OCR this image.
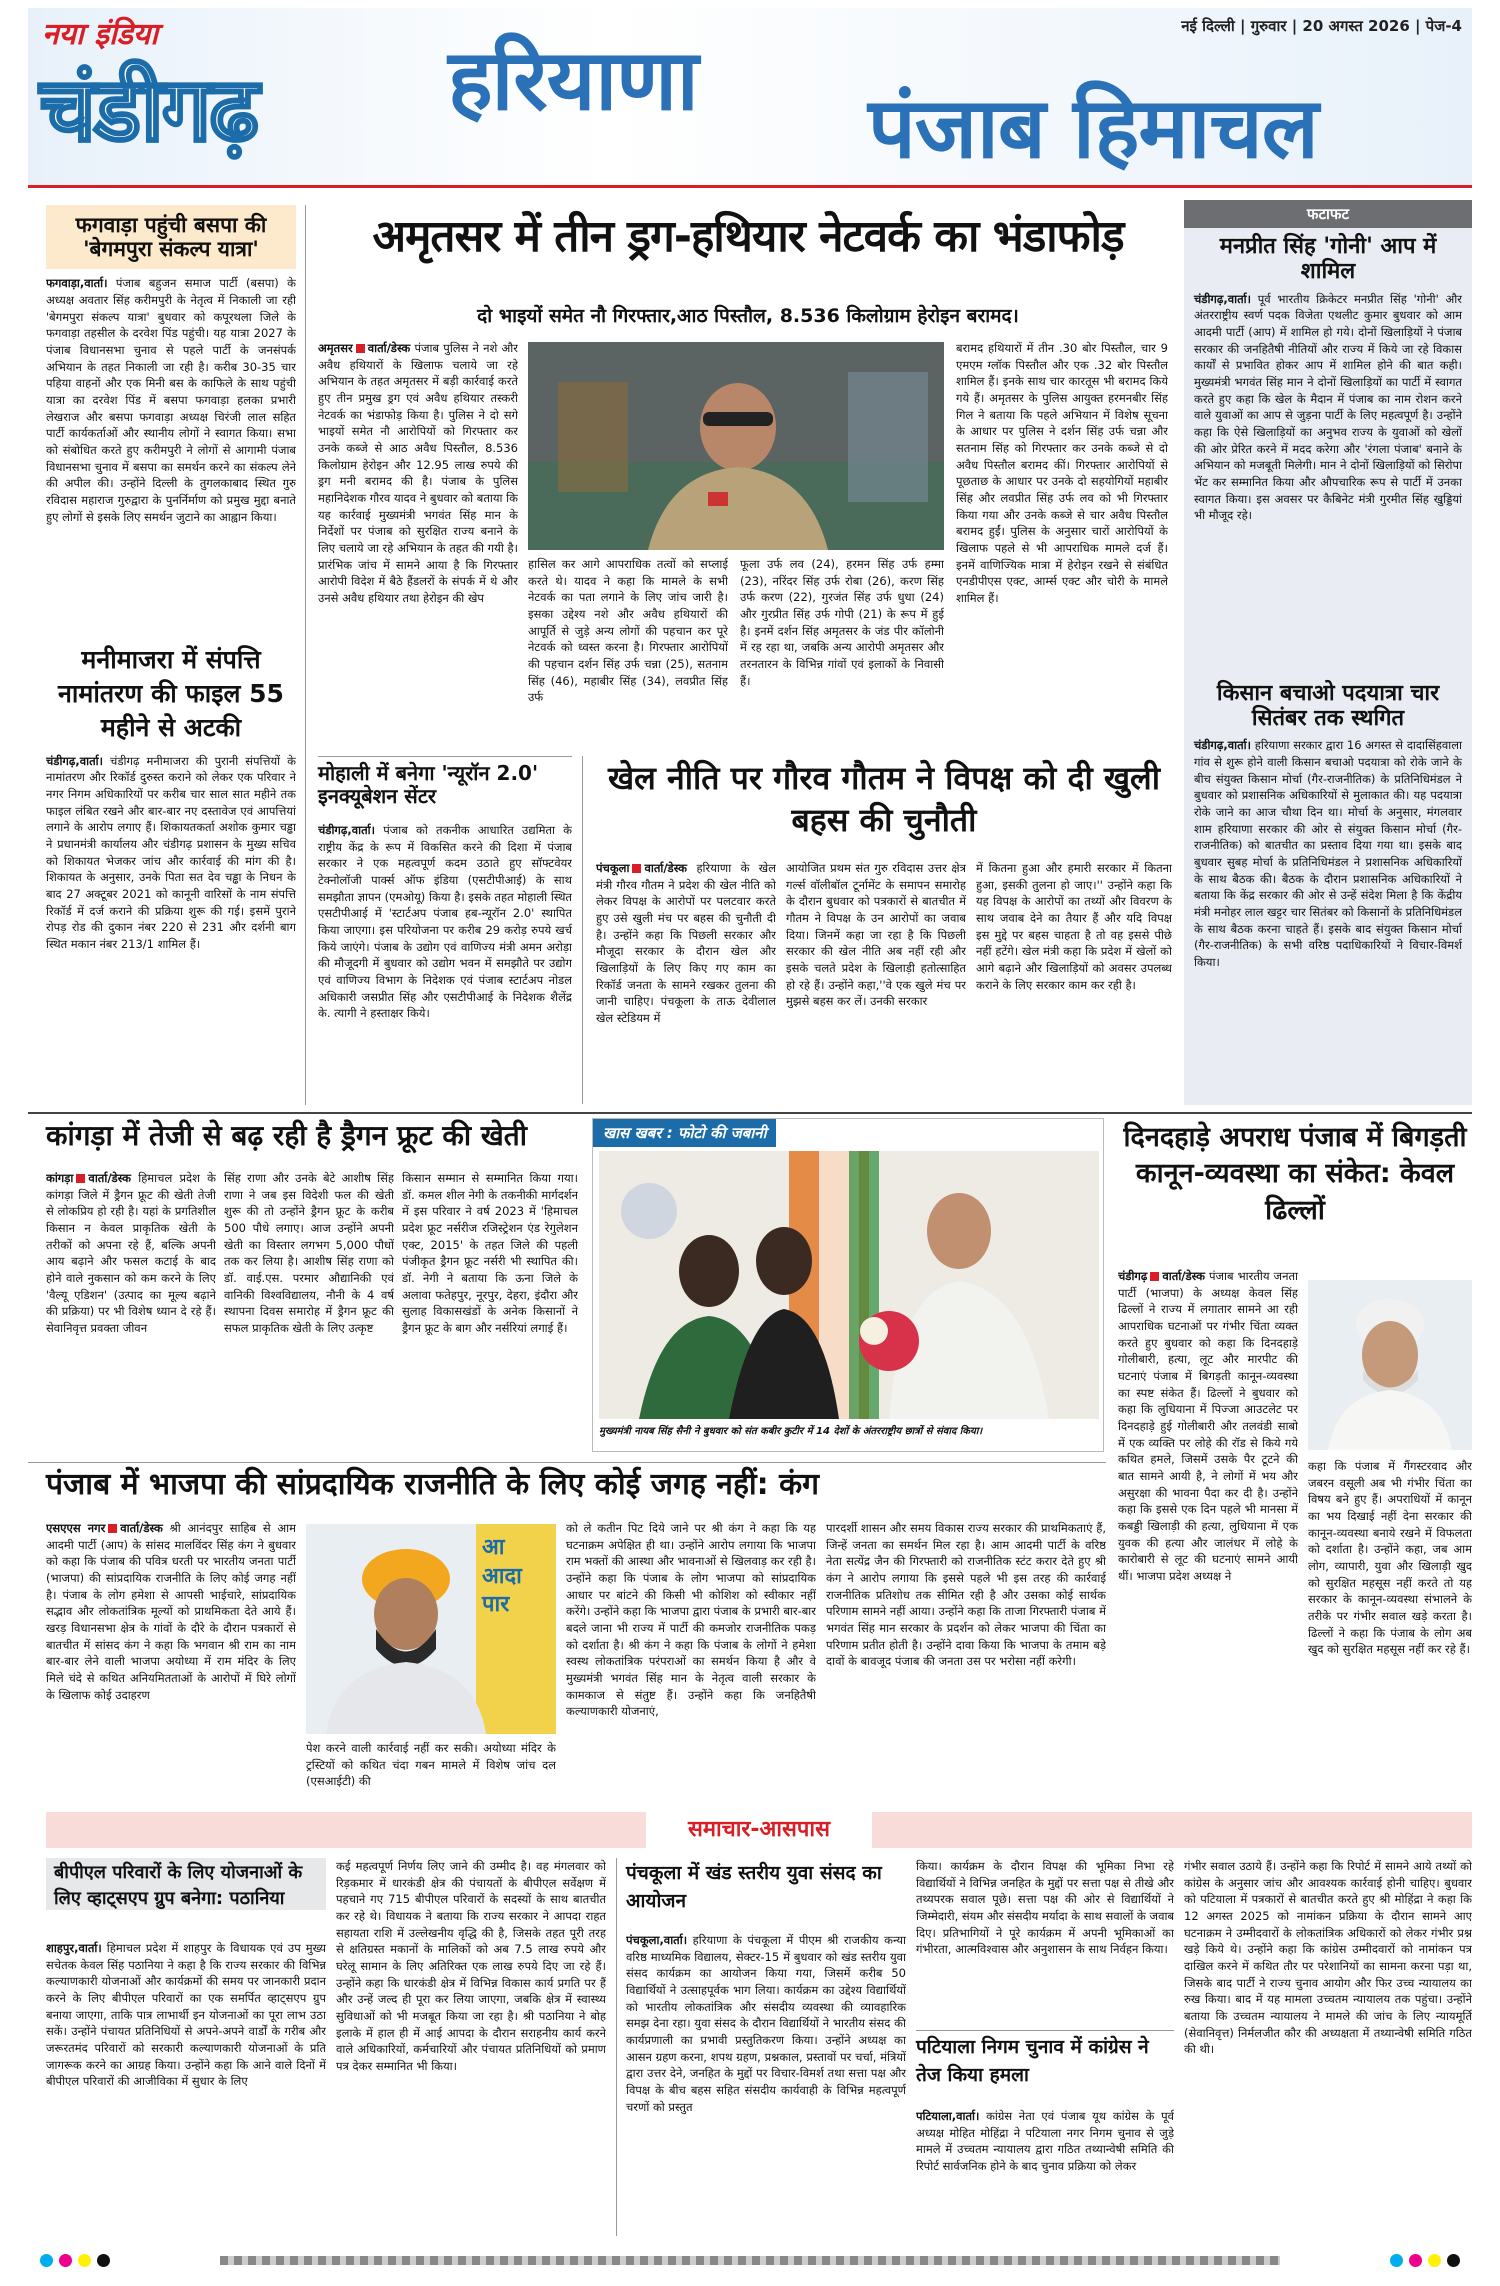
नया इंडिया
चंडीगढ़
नई दिल्ली | गुरुवार | 20 अगस्त 2026 | पेज-4
हरियाणा पंजाब हिमाचल
फगवाड़ा पहुंची बसपा की 'बेगमपुरा संकल्प यात्रा'
फगवाड़ा,वार्ता। पंजाब बहुजन समाज पार्टी (बसपा) के अध्यक्ष अवतार सिंह करीमपुरी के नेतृत्व में निकाली जा रही 'बेगमपुरा संकल्प यात्रा' बुधवार को कपूरथला जिले के फगवाड़ा तहसील के दरवेश पिंड पहुंची। यह यात्रा 2027 के पंजाब विधानसभा चुनाव से पहले पार्टी के जनसंपर्क अभियान के तहत निकाली जा रही है। करीब 30-35 चार पहिया वाहनों और एक मिनी बस के काफिले के साथ पहुंची यात्रा का दरवेश पिंड में बसपा फगवाड़ा हलका प्रभारी लेखराज और बसपा फगवाड़ा अध्यक्ष चिरंजी लाल सहित पार्टी कार्यकर्ताओं और स्थानीय लोगों ने स्वागत किया। सभा को संबोधित करते हुए करीमपुरी ने लोगों से आगामी पंजाब विधानसभा चुनाव में बसपा का समर्थन करने का संकल्प लेने की अपील की। उन्होंने दिल्ली के तुगलकाबाद स्थित गुरु रविदास महाराज गुरुद्वारा के पुनर्निर्माण को प्रमुख मुद्दा बनाते हुए लोगों से इसके लिए समर्थन जुटाने का आह्वान किया।
मनीमाजरा में संपत्ति नामांतरण की फाइल 55 महीने से अटकी
चंडीगढ़,वार्ता। चंडीगढ़ मनीमाजरा की पुरानी संपत्तियों के नामांतरण और रिकॉर्ड दुरुस्त कराने को लेकर एक परिवार ने नगर निगम अधिकारियों पर करीब चार साल सात महीने तक फाइल लंबित रखने और बार-बार नए दस्तावेज एवं आपत्तियां लगाने के आरोप लगाए हैं। शिकायतकर्ता अशोक कुमार चड्ढा ने प्रधानमंत्री कार्यालय और चंडीगढ़ प्रशासन के मुख्य सचिव को शिकायत भेजकर जांच और कार्रवाई की मांग की है। शिकायत के अनुसार, उनके पिता सत देव चड्ढा के निधन के बाद 27 अक्टूबर 2021 को कानूनी वारिसों के नाम संपत्ति रिकॉर्ड में दर्ज कराने की प्रक्रिया शुरू की गई। इसमें पुराने रोपड़ रोड की दुकान नंबर 220 से 231 और दर्शनी बाग स्थित मकान नंबर 213/1 शामिल हैं।
अमृतसर में तीन ड्रग-हथियार नेटवर्क का भंडाफोड़
दो भाइयों समेत नौ गिरफ्तार,आठ पिस्तौल, 8.536 किलोग्राम हेरोइन बरामद।
अमृतसर वार्ता/डेस्क पंजाब पुलिस ने नशे और अवैध हथियारों के खिलाफ चलाये जा रहे अभियान के तहत अमृतसर में बड़ी कार्रवाई करते हुए तीन प्रमुख ड्रग एवं अवैध हथियार तस्करी नेटवर्क का भंडाफोड़ किया है। पुलिस ने दो सगे भाइयों समेत नौ आरोपियों को गिरफ्तार कर उनके कब्जे से आठ अवैध पिस्तौल, 8.536 किलोग्राम हेरोइन और 12.95 लाख रुपये की ड्रग मनी बरामद की है। पंजाब के पुलिस महानिदेशक गौरव यादव ने बुधवार को बताया कि यह कार्रवाई मुख्यमंत्री भगवंत सिंह मान के निर्देशों पर पंजाब को सुरक्षित राज्य बनाने के लिए चलाये जा रहे अभियान के तहत की गयी है। प्रारंभिक जांच में सामने आया है कि गिरफ्तार आरोपी विदेश में बैठे हैंडलरों के संपर्क में थे और उनसे अवैध हथियार तथा हेरोइन की खेप
हासिल कर आगे आपराधिक तत्वों को सप्लाई करते थे। यादव ने कहा कि मामले के सभी नेटवर्क का पता लगाने के लिए जांच जारी है। इसका उद्देश्य नशे और अवैध हथियारों की आपूर्ति से जुड़े अन्य लोगों की पहचान कर पूरे नेटवर्क को ध्वस्त करना है। गिरफ्तार आरोपियों की पहचान दर्शन सिंह उर्फ चन्ना (25), सतनाम सिंह (46), महाबीर सिंह (34), लवप्रीत सिंह उर्फ
फूला उर्फ लव (24), हरमन सिंह उर्फ हम्मा (23), नरिंदर सिंह उर्फ रोबा (26), करण सिंह उर्फ करण (22), गुरजंत सिंह उर्फ धुधा (24) और गुरप्रीत सिंह उर्फ गोपी (21) के रूप में हुई है। इनमें दर्शन सिंह अमृतसर के जंड पीर कॉलोनी में रह रहा था, जबकि अन्य आरोपी अमृतसर और तरनतारन के विभिन्न गांवों एवं इलाकों के निवासी हैं।
बरामद हथियारों में तीन .30 बोर पिस्तौल, चार 9 एमएम ग्लॉक पिस्तौल और एक .32 बोर पिस्तौल शामिल हैं। इनके साथ चार कारतूस भी बरामद किये गये हैं। अमृतसर के पुलिस आयुक्त हरमनबीर सिंह गिल ने बताया कि पहले अभियान में विशेष सूचना के आधार पर पुलिस ने दर्शन सिंह उर्फ चन्ना और सतनाम सिंह को गिरफ्तार कर उनके कब्जे से दो अवैध पिस्तौल बरामद कीं। गिरफ्तार आरोपियों से पूछताछ के आधार पर उनके दो सहयोगियों महाबीर सिंह और लवप्रीत सिंह उर्फ लव को भी गिरफ्तार किया गया और उनके कब्जे से चार अवैध पिस्तौल बरामद हुईं। पुलिस के अनुसार चारों आरोपियों के खिलाफ पहले से भी आपराधिक मामले दर्ज हैं। इनमें वाणिज्यिक मात्रा में हेरोइन रखने से संबंधित एनडीपीएस एक्ट, आर्म्स एक्ट और चोरी के मामले शामिल हैं।
फटाफट
मनप्रीत सिंह 'गोनी' आप में शामिल
चंडीगढ़,वार्ता। पूर्व भारतीय क्रिकेटर मनप्रीत सिंह 'गोनी' और अंतरराष्ट्रीय स्वर्ण पदक विजेता एथलीट कुमार बुधवार को आम आदमी पार्टी (आप) में शामिल हो गये। दोनों खिलाड़ियों ने पंजाब सरकार की जनहितैषी नीतियों और राज्य में किये जा रहे विकास कार्यों से प्रभावित होकर आप में शामिल होने की बात कही। मुख्यमंत्री भगवंत सिंह मान ने दोनों खिलाड़ियों का पार्टी में स्वागत करते हुए कहा कि खेल के मैदान में पंजाब का नाम रोशन करने वाले युवाओं का आप से जुड़ना पार्टी के लिए महत्वपूर्ण है। उन्होंने कहा कि ऐसे खिलाड़ियों का अनुभव राज्य के युवाओं को खेलों की ओर प्रेरित करने में मदद करेगा और 'रंगला पंजाब' बनाने के अभियान को मजबूती मिलेगी। मान ने दोनों खिलाड़ियों को सिरोपा भेंट कर सम्मानित किया और औपचारिक रूप से पार्टी में उनका स्वागत किया। इस अवसर पर कैबिनेट मंत्री गुरमीत सिंह खुड्डियां भी मौजूद रहे।
किसान बचाओ पदयात्रा चार सितंबर तक स्थगित
चंडीगढ़,वार्ता। हरियाणा सरकार द्वारा 16 अगस्त से दादासिंहवाला गांव से शुरू होने वाली किसान बचाओ पदयात्रा को रोके जाने के बीच संयुक्त किसान मोर्चा (गैर-राजनीतिक) के प्रतिनिधिमंडल ने बुधवार को प्रशासनिक अधिकारियों से मुलाकात की। यह पदयात्रा रोके जाने का आज चौथा दिन था। मोर्चा के अनुसार, मंगलवार शाम हरियाणा सरकार की ओर से संयुक्त किसान मोर्चा (गैर-राजनीतिक) को बातचीत का प्रस्ताव दिया गया था। इसके बाद बुधवार सुबह मोर्चा के प्रतिनिधिमंडल ने प्रशासनिक अधिकारियों के साथ बैठक की। बैठक के दौरान प्रशासनिक अधिकारियों ने बताया कि केंद्र सरकार की ओर से उन्हें संदेश मिला है कि केंद्रीय मंत्री मनोहर लाल खट्टर चार सितंबर को किसानों के प्रतिनिधिमंडल के साथ बैठक करना चाहते हैं। इसके बाद संयुक्त किसान मोर्चा (गैर-राजनीतिक) के सभी वरिष्ठ पदाधिकारियों ने विचार-विमर्श किया।
मोहाली में बनेगा 'न्यूरॉन 2.0' इनक्यूबेशन सेंटर
चंडीगढ़,वार्ता। पंजाब को तकनीक आधारित उद्यमिता के राष्ट्रीय केंद्र के रूप में विकसित करने की दिशा में पंजाब सरकार ने एक महत्वपूर्ण कदम उठाते हुए सॉफ्टवेयर टेक्नोलॉजी पार्क्स ऑफ इंडिया (एसटीपीआई) के साथ समझौता ज्ञापन (एमओयू) किया है। इसके तहत मोहाली स्थित एसटीपीआई में 'स्टार्टअप पंजाब हब-न्यूरॉन 2.0' स्थापित किया जाएगा। इस परियोजना पर करीब 29 करोड़ रुपये खर्च किये जाएंगे। पंजाब के उद्योग एवं वाणिज्य मंत्री अमन अरोड़ा की मौजूदगी में बुधवार को उद्योग भवन में समझौते पर उद्योग एवं वाणिज्य विभाग के निदेशक एवं पंजाब स्टार्टअप नोडल अधिकारी जसप्रीत सिंह और एसटीपीआई के निदेशक शैलेंद्र के. त्यागी ने हस्ताक्षर किये।
खेल नीति पर गौरव गौतम ने विपक्ष को दी खुली बहस की चुनौती
पंचकूला वार्ता/डेस्क हरियाणा के खेल मंत्री गौरव गौतम ने प्रदेश की खेल नीति को लेकर विपक्ष के आरोपों पर पलटवार करते हुए उसे खुली मंच पर बहस की चुनौती दी है। उन्होंने कहा कि पिछली सरकार और मौजूदा सरकार के दौरान खेल और खिलाड़ियों के लिए किए गए काम का रिकॉर्ड जनता के सामने रखकर तुलना की जानी चाहिए। पंचकूला के ताऊ देवीलाल खेल स्टेडियम में
आयोजित प्रथम संत गुरु रविदास उत्तर क्षेत्र गर्ल्स वॉलीबॉल टूर्नामेंट के समापन समारोह के दौरान बुधवार को पत्रकारों से बातचीत में गौतम ने विपक्ष के उन आरोपों का जवाब दिया। जिनमें कहा जा रहा है कि पिछली सरकार की खेल नीति अब नहीं रही और इसके चलते प्रदेश के खिलाड़ी हतोत्साहित हो रहे हैं। उन्होंने कहा,''वे एक खुले मंच पर मुझसे बहस कर लें। उनकी सरकार
में कितना हुआ और हमारी सरकार में कितना हुआ, इसकी तुलना हो जाए।'' उन्होंने कहा कि यह विपक्ष के आरोपों का तथ्यों और विवरण के साथ जवाब देने का तैयार हैं और यदि विपक्ष इस मुद्दे पर बहस चाहता है तो वह इससे पीछे नहीं हटेंगे। खेल मंत्री कहा कि प्रदेश में खेलों को आगे बढ़ाने और खिलाड़ियों को अवसर उपलब्ध कराने के लिए सरकार काम कर रही है।
कांगड़ा में तेजी से बढ़ रही है ड्रैगन फ्रूट की खेती
कांगड़ा वार्ता/डेस्क हिमाचल प्रदेश के कांगड़ा जिले में ड्रैगन फ्रूट की खेती तेजी से लोकप्रिय हो रही है। यहां के प्रगतिशील किसान न केवल प्राकृतिक खेती के तरीकों को अपना रहे हैं, बल्कि अपनी आय बढ़ाने और फसल कटाई के बाद होने वाले नुकसान को कम करने के लिए 'वैल्यू एडिशन' (उत्पाद का मूल्य बढ़ाने की प्रक्रिया) पर भी विशेष ध्यान दे रहे हैं। सेवानिवृत्त प्रवक्ता जीवन
सिंह राणा और उनके बेटे आशीष सिंह राणा ने जब इस विदेशी फल की खेती शुरू की तो उन्होंने ड्रैगन फ्रूट के करीब 500 पौधे लगाए। आज उन्होंने अपनी खेती का विस्तार लगभग 5,000 पौधों तक कर लिया है। आशीष सिंह राणा को डॉ. वाई.एस. परमार औद्यानिकी एवं वानिकी विश्वविद्यालय, नौनी के 4 वर्ष स्थापना दिवस समारोह में ड्रैगन फ्रूट की सफल प्राकृतिक खेती के लिए उत्कृष्ट
किसान सम्मान से सम्मानित किया गया। डॉ. कमल शील नेगी के तकनीकी मार्गदर्शन में इस परिवार ने वर्ष 2023 में 'हिमाचल प्रदेश फ्रूट नर्सरीज रजिस्ट्रेशन एंड रेगुलेशन एक्ट, 2015' के तहत जिले की पहली पंजीकृत ड्रैगन फ्रूट नर्सरी भी स्थापित की। डॉ. नेगी ने बताया कि ऊना जिले के अलावा फतेहपुर, नूरपुर, देहरा, इंदौरा और सुलाह विकासखंडों के अनेक किसानों ने ड्रैगन फ्रूट के बाग और नर्सरियां लगाई हैं।
खास खबर : फोटो की जबानी
मुख्यमंत्री नायब सिंह सैनी ने बुधवार को संत कबीर कुटीर में 14 देशों के अंतरराष्ट्रीय छात्रों से संवाद किया।
दिनदहाड़े अपराध पंजाब में बिगड़ती कानून-व्यवस्था का संकेत: केवल ढिल्लों
चंडीगढ़ वार्ता/डेस्क पंजाब भारतीय जनता पार्टी (भाजपा) के अध्यक्ष केवल सिंह ढिल्लों ने राज्य में लगातार सामने आ रही आपराधिक घटनाओं पर गंभीर चिंता व्यक्त करते हुए बुधवार को कहा कि दिनदहाड़े गोलीबारी, हत्या, लूट और मारपीट की घटनाएं पंजाब में बिगड़ती कानून-व्यवस्था का स्पष्ट संकेत हैं। ढिल्लों ने बुधवार को कहा कि लुधियाना में पिज्जा आउटलेट पर दिनदहाड़े हुई गोलीबारी और तलवंडी साबो में एक व्यक्ति पर लोहे की रॉड से किये गये कथित हमले, जिसमें उसके पैर टूटने की बात सामने आयी है, ने लोगों में भय और असुरक्षा की भावना पैदा कर दी है। उन्होंने कहा कि इससे एक दिन पहले भी मानसा में कबड्डी खिलाड़ी की हत्या, लुधियाना में एक युवक की हत्या और जालंधर में लोहे के कारोबारी से लूट की घटनाएं सामने आयी थीं। भाजपा प्रदेश अध्यक्ष ने
कहा कि पंजाब में गैंगस्टरवाद और जबरन वसूली अब भी गंभीर चिंता का विषय बने हुए हैं। अपराधियों में कानून का भय दिखाई नहीं देना सरकार की कानून-व्यवस्था बनाये रखने में विफलता को दर्शाता है। उन्होंने कहा, जब आम लोग, व्यापारी, युवा और खिलाड़ी खुद को सुरक्षित महसूस नहीं करते तो यह सरकार के कानून-व्यवस्था संभालने के तरीके पर गंभीर सवाल खड़े करता है। ढिल्लों ने कहा कि पंजाब के लोग अब खुद को सुरक्षित महसूस नहीं कर रहे हैं।
पंजाब में भाजपा की सांप्रदायिक राजनीति के लिए कोई जगह नहीं: कंग
एसएएस नगर वार्ता/डेस्क श्री आनंदपुर साहिब से आम आदमी पार्टी (आप) के सांसद मालविंदर सिंह कंग ने बुधवार को कहा कि पंजाब की पवित्र धरती पर भारतीय जनता पार्टी (भाजपा) की सांप्रदायिक राजनीति के लिए कोई जगह नहीं है। पंजाब के लोग हमेशा से आपसी भाईचारे, सांप्रदायिक सद्भाव और लोकतांत्रिक मूल्यों को प्राथमिकता देते आये हैं। खरड़ विधानसभा क्षेत्र के गांवों के दौरे के दौरान पत्रकारों से बातचीत में सांसद कंग ने कहा कि भगवान श्री राम का नाम बार-बार लेने वाली भाजपा अयोध्या में राम मंदिर के लिए मिले चंदे से कथित अनियमितताओं के आरोपों में घिरे लोगों के खिलाफ कोई उदाहरण
आ
आदा
पार
पेश करने वाली कार्रवाई नहीं कर सकी। अयोध्या मंदिर के ट्रस्टियों को कथित चंदा गबन मामले में विशेष जांच दल (एसआईटी) की
को ले कतीन पिट दिये जाने पर श्री कंग ने कहा कि यह घटनाक्रम अपेक्षित ही था। उन्होंने आरोप लगाया कि भाजपा राम भक्तों की आस्था और भावनाओं से खिलवाड़ कर रही है। उन्होंने कहा कि पंजाब के लोग भाजपा को सांप्रदायिक आधार पर बांटने की किसी भी कोशिश को स्वीकार नहीं करेंगे। उन्होंने कहा कि भाजपा द्वारा पंजाब के प्रभारी बार-बार बदले जाना भी राज्य में पार्टी की कमजोर राजनीतिक पकड़ को दर्शाता है। श्री कंग ने कहा कि पंजाब के लोगों ने हमेशा स्वस्थ लोकतांत्रिक परंपराओं का समर्थन किया है और वे मुख्यमंत्री भगवंत सिंह मान के नेतृत्व वाली सरकार के कामकाज से संतुष्ट हैं। उन्होंने कहा कि जनहितैषी कल्याणकारी योजनाएं,
पारदर्शी शासन और समय विकास राज्य सरकार की प्राथमिकताएं हैं, जिन्हें जनता का समर्थन मिल रहा है। आम आदमी पार्टी के वरिष्ठ नेता सत्येंद्र जैन की गिरफ्तारी को राजनीतिक स्टंट करार देते हुए श्री कंग ने आरोप लगाया कि इससे पहले भी इस तरह की कार्रवाई राजनीतिक प्रतिशोध तक सीमित रही है और उसका कोई सार्थक परिणाम सामने नहीं आया। उन्होंने कहा कि ताजा गिरफ्तारी पंजाब में भगवंत सिंह मान सरकार के प्रदर्शन को लेकर भाजपा की चिंता का परिणाम प्रतीत होती है। उन्होंने दावा किया कि भाजपा के तमाम बड़े दावों के बावजूद पंजाब की जनता उस पर भरोसा नहीं करेगी।
समाचार-आसपास
बीपीएल परिवारों के लिए योजनाओं के लिए व्हाट्सएप ग्रुप बनेगा: पठानिया
शाहपुर,वार्ता। हिमाचल प्रदेश में शाहपुर के विधायक एवं उप मुख्य सचेतक केवल सिंह पठानिया ने कहा है कि राज्य सरकार की विभिन्न कल्याणकारी योजनाओं और कार्यक्रमों की समय पर जानकारी प्रदान करने के लिए बीपीएल परिवारों का एक समर्पित व्हाट्सएप ग्रुप बनाया जाएगा, ताकि पात्र लाभार्थी इन योजनाओं का पूरा लाभ उठा सकें। उन्होंने पंचायत प्रतिनिधियों से अपने-अपने वार्डों के गरीब और जरूरतमंद परिवारों को सरकारी कल्याणकारी योजनाओं के प्रति जागरूक करने का आग्रह किया। उन्होंने कहा कि आने वाले दिनों में बीपीएल परिवारों की आजीविका में सुधार के लिए
कई महत्वपूर्ण निर्णय लिए जाने की उम्मीद है। वह मंगलवार को रिड़कमार में धारकंडी क्षेत्र की पंचायतों के बीपीएल सर्वेक्षण में पहचाने गए 715 बीपीएल परिवारों के सदस्यों के साथ बातचीत कर रहे थे। विधायक ने बताया कि राज्य सरकार ने आपदा राहत सहायता राशि में उल्लेखनीय वृद्धि की है, जिसके तहत पूरी तरह से क्षतिग्रस्त मकानों के मालिकों को अब 7.5 लाख रुपये और घरेलू सामान के लिए अतिरिक्त एक लाख रुपये दिए जा रहे हैं। उन्होंने कहा कि धारकंडी क्षेत्र में विभिन्न विकास कार्य प्रगति पर हैं और उन्हें जल्द ही पूरा कर लिया जाएगा, जबकि क्षेत्र में स्वास्थ्य सुविधाओं को भी मजबूत किया जा रहा है। श्री पठानिया ने बोह इलाके में हाल ही में आई आपदा के दौरान सराहनीय कार्य करने वाले अधिकारियों, कर्मचारियों और पंचायत प्रतिनिधियों को प्रमाण पत्र देकर सम्मानित भी किया।
पंचकूला में खंड स्तरीय युवा संसद का आयोजन
पंचकूला,वार्ता। हरियाणा के पंचकूला में पीएम श्री राजकीय कन्या वरिष्ठ माध्यमिक विद्यालय, सेक्टर-15 में बुधवार को खंड स्तरीय युवा संसद कार्यक्रम का आयोजन किया गया, जिसमें करीब 50 विद्यार्थियों ने उत्साहपूर्वक भाग लिया। कार्यक्रम का उद्देश्य विद्यार्थियों को भारतीय लोकतांत्रिक और संसदीय व्यवस्था की व्यावहारिक समझ देना रहा। युवा संसद के दौरान विद्यार्थियों ने भारतीय संसद की कार्यप्रणाली का प्रभावी प्रस्तुतिकरण किया। उन्होंने अध्यक्ष का आसन ग्रहण करना, शपथ ग्रहण, प्रश्नकाल, प्रस्तावों पर चर्चा, मंत्रियों द्वारा उत्तर देने, जनहित के मुद्दों पर विचार-विमर्श तथा सत्ता पक्ष और विपक्ष के बीच बहस सहित संसदीय कार्यवाही के विभिन्न महत्वपूर्ण चरणों को प्रस्तुत
किया। कार्यक्रम के दौरान विपक्ष की भूमिका निभा रहे विद्यार्थियों ने विभिन्न जनहित के मुद्दों पर सत्ता पक्ष से तीखे और तथ्यपरक सवाल पूछे। सत्ता पक्ष की ओर से विद्यार्थियों ने जिम्मेदारी, संयम और संसदीय मर्यादा के साथ सवालों के जवाब दिए। प्रतिभागियों ने पूरे कार्यक्रम में अपनी भूमिकाओं का गंभीरता, आत्मविश्वास और अनुशासन के साथ निर्वहन किया।
पटियाला निगम चुनाव में कांग्रेस ने तेज किया हमला
पटियाला,वार्ता। कांग्रेस नेता एवं पंजाब यूथ कांग्रेस के पूर्व अध्यक्ष मोहित मोहिंद्रा ने पटियाला नगर निगम चुनाव से जुड़े मामले में उच्चतम न्यायालय द्वारा गठित तथ्यान्वेषी समिति की रिपोर्ट सार्वजनिक होने के बाद चुनाव प्रक्रिया को लेकर
गंभीर सवाल उठाये हैं। उन्होंने कहा कि रिपोर्ट में सामने आये तथ्यों को कांग्रेस के अनुसार जांच और आवश्यक कार्रवाई होनी चाहिए। बुधवार को पटियाला में पत्रकारों से बातचीत करते हुए श्री मोहिंद्रा ने कहा कि 12 अगस्त 2025 को नामांकन प्रक्रिया के दौरान सामने आए घटनाक्रम ने उम्मीदवारों के लोकतांत्रिक अधिकारों को लेकर गंभीर प्रश्न खड़े किये थे। उन्होंने कहा कि कांग्रेस उम्मीदवारों को नामांकन पत्र दाखिल करने में कथित तौर पर परेशानियों का सामना करना पड़ा था, जिसके बाद पार्टी ने राज्य चुनाव आयोग और फिर उच्च न्यायालय का रुख किया। बाद में यह मामला उच्चतम न्यायालय तक पहुंचा। उन्होंने बताया कि उच्चतम न्यायालय ने मामले की जांच के लिए न्यायमूर्ति (सेवानिवृत्त) निर्मलजीत कौर की अध्यक्षता में तथ्यान्वेषी समिति गठित की थी।
